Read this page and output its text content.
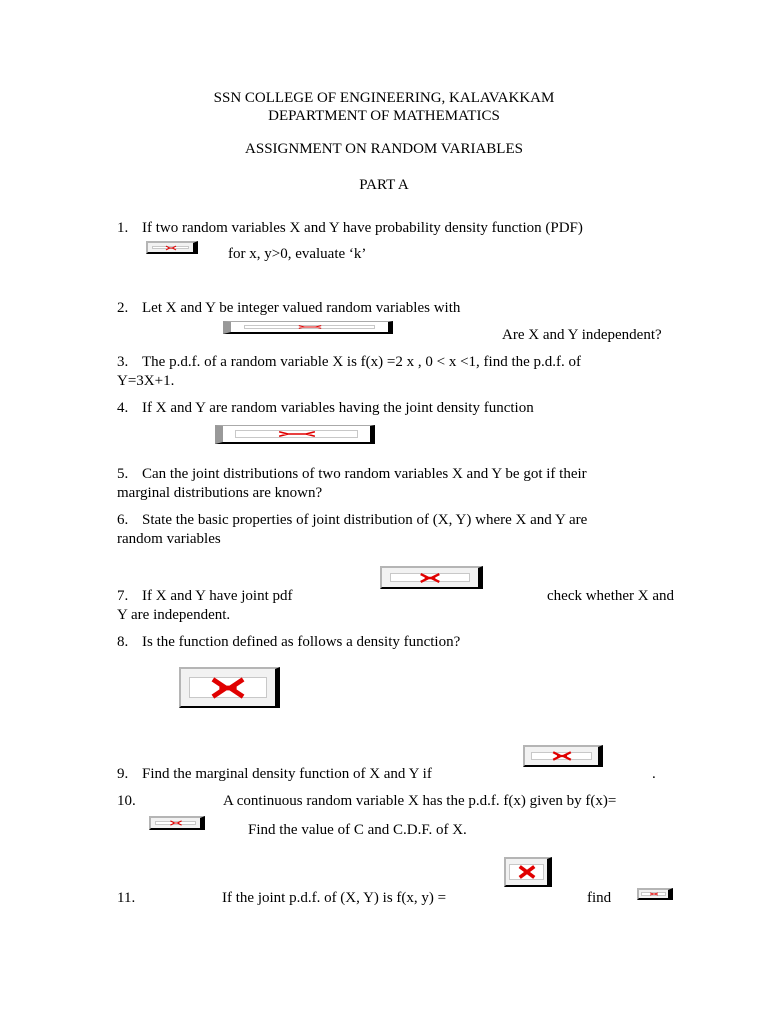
SSN COLLEGE OF ENGINEERING, KALAVAKKAM
DEPARTMENT OF MATHEMATICS
ASSIGNMENT ON RANDOM VARIABLES
PART A
1. If two random variables X and Y have probability density function (PDF)
for x, y>0, evaluate ‘k’
2. Let X and Y be integer valued random variables with
Are X and Y independent?
3. The p.d.f. of a random variable X is f(x) =2 x , 0 < x <1, find the p.d.f. of
Y=3X+1.
4. If X and Y are random variables having the joint density function
5. Can the joint distributions of two random variables X and Y be got if their
marginal distributions are known?
6. State the basic properties of joint distribution of (X, Y) where X and Y are
random variables
7. If X and Y have joint pdf	check whether X and
Y are independent.
8. Is the function defined as follows a density function?
9. Find the marginal density function of X and Y if	.
10.	A continuous random variable X has the p.d.f. f(x) given by f(x)=
Find the value of C and C.D.F. of X.
11.	If the joint p.d.f. of (X, Y) is f(x, y) =	find
